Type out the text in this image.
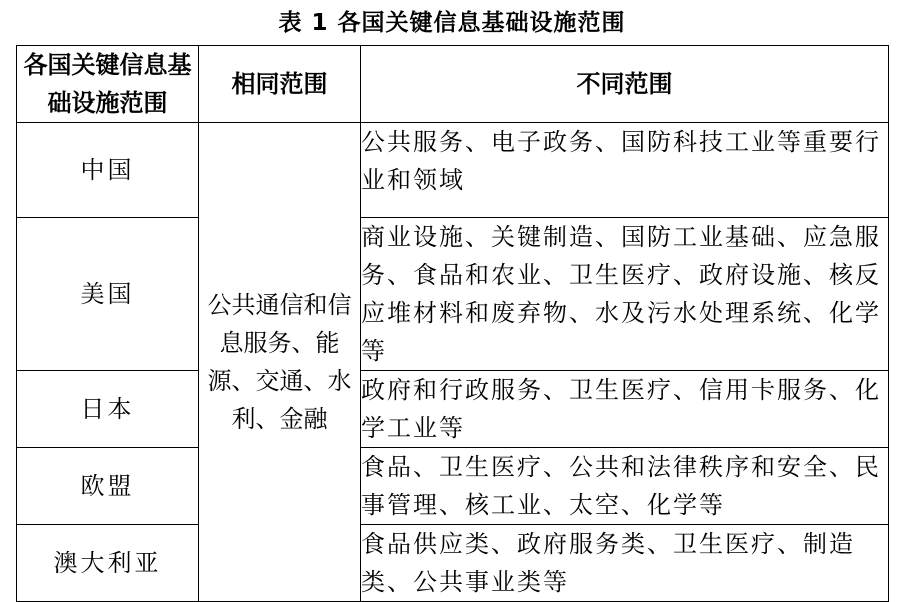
表 1 各国关键信息基础设施范围
各国关键信息基础设施范围	相同范围	不同范围
中国	公共通信和信息服务、能源、交通、水利、金融	公共服务、电子政务、国防科技工业等重要行业和领域
美国		商业设施、关键制造、国防工业基础、应急服务、食品和农业、卫生医疗、政府设施、核反应堆材料和废弃物、水及污水处理系统、化学等
日本		政府和行政服务、卫生医疗、信用卡服务、化学工业等
欧盟		食品、卫生医疗、公共和法律秩序和安全、民事管理、核工业、太空、化学等
澳大利亚		食品供应类、政府服务类、卫生医疗、制造类、公共事业类等
